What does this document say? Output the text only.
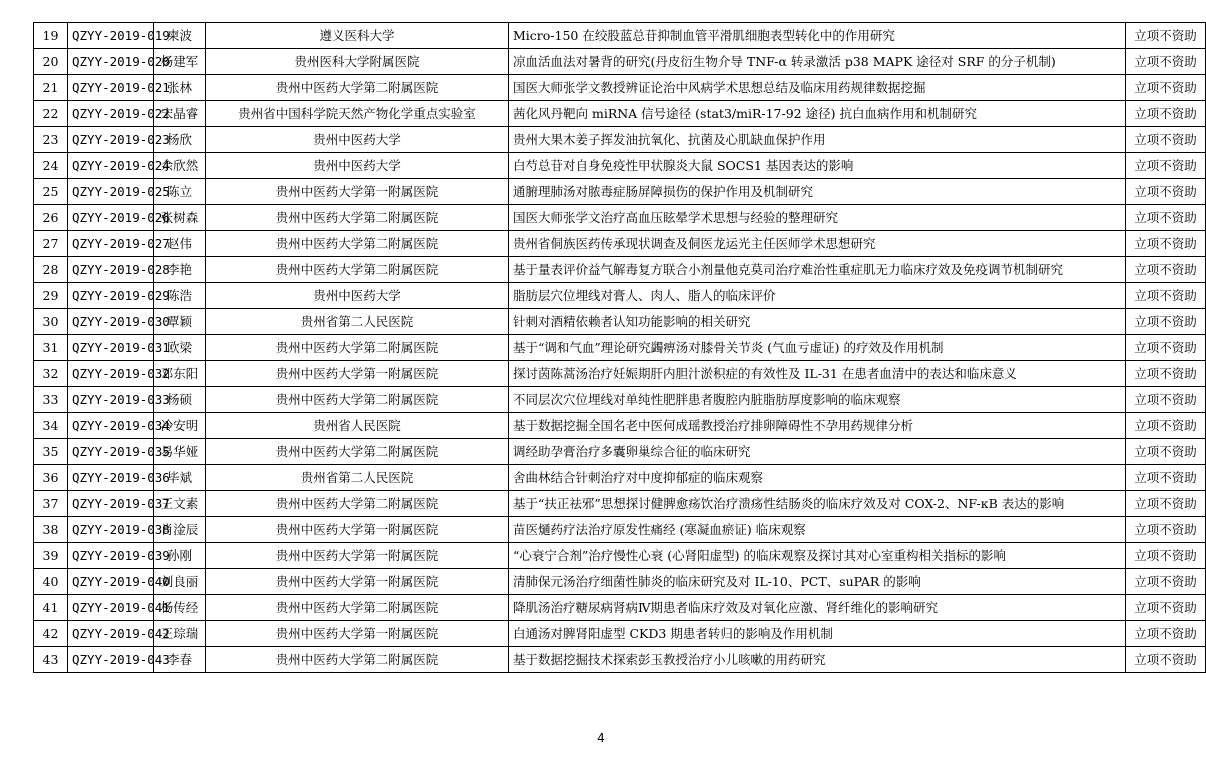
19	QZYY-2019-019	柬波	遵义医科大学	Micro-150 在绞股蓝总苷抑制血管平滑肌细胞表型转化中的作用研究	立项不资助
20	QZYY-2019-020	杨建军	贵州医科大学附属医院	凉血活血法对暑背的研究(丹皮衍生物介导 TNF-α 转录激活 p38 MAPK 途径对 SRF 的分子机制)	立项不资助
21	QZYY-2019-021	张林	贵州中医药大学第二附属医院	国医大师张学文教授辨证论治中风病学术思想总结及临床用药规律数据挖掘	立项不资助
22	QZYY-2019-022	宋晶睿	贵州省中国科学院天然产物化学重点实验室	茜化风丹靶向 miRNA 信号途径 (stat3/miR-17-92 途径) 抗白血病作用和机制研究	立项不资助
23	QZYY-2019-023	杨欣	贵州中医药大学	贵州大果木姜子挥发油抗氧化、抗菌及心肌缺血保护作用	立项不资助
24	QZYY-2019-024	余欣然	贵州中医药大学	白芍总苷对自身免疫性甲状腺炎大鼠 SOCS1 基因表达的影响	立项不资助
25	QZYY-2019-025	陈立	贵州中医药大学第一附属医院	通腑理肺汤对脓毒症肠屏障损伤的保护作用及机制研究	立项不资助
26	QZYY-2019-026	张树森	贵州中医药大学第二附属医院	国医大师张学文治疗高血压眩晕学术思想与经验的整理研究	立项不资助
27	QZYY-2019-027	赵伟	贵州中医药大学第二附属医院	贵州省侗族医药传承现状调查及侗医龙运光主任医师学术思想研究	立项不资助
28	QZYY-2019-028	李艳	贵州中医药大学第二附属医院	基于量表评价益气解毒复方联合小剂量他克莫司治疗难治性重症肌无力临床疗效及免疫调节机制研究	立项不资助
29	QZYY-2019-029	陈浩	贵州中医药大学	脂肪层穴位埋线对膏人、肉人、脂人的临床评价	立项不资助
30	QZYY-2019-030	覃颖	贵州省第二人民医院	针刺对酒精依赖者认知功能影响的相关研究	立项不资助
31	QZYY-2019-031	欧梁	贵州中医药大学第二附属医院	基于“调和气血”理论研究蠲痹汤对膝骨关节炎 (气血亏虚证) 的疗效及作用机制	立项不资助
32	QZYY-2019-032	邓东阳	贵州中医药大学第一附属医院	探讨茵陈蒿汤治疗妊娠期肝内胆汁淤积症的有效性及 IL-31 在患者血清中的表达和临床意义	立项不资助
33	QZYY-2019-033	杨硕	贵州中医药大学第二附属医院	不同层次穴位埋线对单纯性肥胖患者腹腔内脏脂肪厚度影响的临床观察	立项不资助
34	QZYY-2019-034	冷安明	贵州省人民医院	基于数据挖掘全国名老中医何成瑶教授治疗排卵障碍性不孕用药规律分析	立项不资助
35	QZYY-2019-035	易华娅	贵州中医药大学第二附属医院	调经助孕膏治疗多囊卵巢综合征的临床研究	立项不资助
36	QZYY-2019-036	毕斌	贵州省第二人民医院	舍曲林结合针刺治疗对中度抑郁症的临床观察	立项不资助
37	QZYY-2019-037	王文素	贵州中医药大学第二附属医院	基于“扶正祛邪”思想探讨健脾愈疡饮治疗溃疡性结肠炎的临床疗效及对 COX-2、NF-κB 表达的影响	立项不资助
38	QZYY-2019-038	肖淦辰	贵州中医药大学第一附属医院	苗医熥药疗法治疗原发性痛经 (寒凝血瘀证) 临床观察	立项不资助
39	QZYY-2019-039	孙刚	贵州中医药大学第一附属医院	“心衰宁合剂”治疗慢性心衰 (心肾阳虚型) 的临床观察及探讨其对心室重构相关指标的影响	立项不资助
40	QZYY-2019-040	刘良丽	贵州中医药大学第一附属医院	清肺保元汤治疗细菌性肺炎的临床研究及对 IL-10、PCT、suPAR 的影响	立项不资助
41	QZYY-2019-041	杨传经	贵州中医药大学第二附属医院	降肌汤治疗糖尿病肾病Ⅳ期患者临床疗效及对氧化应激、肾纤维化的影响研究	立项不资助
42	QZYY-2019-042	王琮瑞	贵州中医药大学第一附属医院	白通汤对脾肾阳虚型 CKD3 期患者转归的影响及作用机制	立项不资助
43	QZYY-2019-043	李春	贵州中医药大学第二附属医院	基于数据挖掘技术探索彭玉教授治疗小儿咳嗽的用药研究	立项不资助
4
